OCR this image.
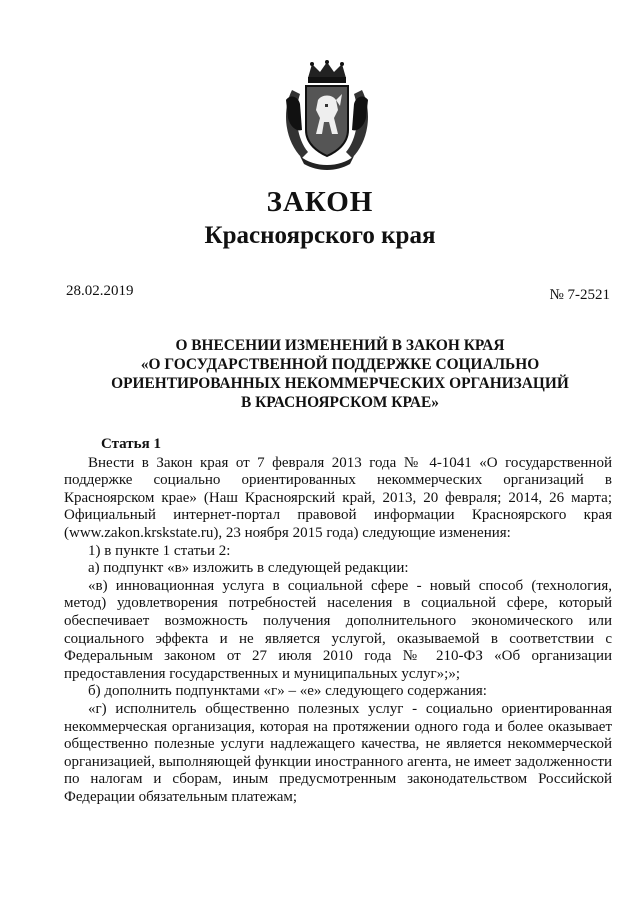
ЗАКОН
Красноярского края
28.02.2019	№ 7-2521
О ВНЕСЕНИИ ИЗМЕНЕНИЙ В ЗАКОН КРАЯ
«О ГОСУДАРСТВЕННОЙ ПОДДЕРЖКЕ СОЦИАЛЬНО
ОРИЕНТИРОВАННЫХ НЕКОММЕРЧЕСКИХ ОРГАНИЗАЦИЙ
В КРАСНОЯРСКОМ КРАЕ»
Статья 1

Внести в Закон края от 7 февраля 2013 года № 4-1041 «О государственной поддержке социально ориентированных некоммерческих организаций в Красноярском крае» (Наш Красноярский край, 2013, 20 февраля; 2014, 26 марта; Официальный интернет-портал правовой информации Красноярского края (www.zakon.krskstate.ru), 23 ноября 2015 года) следующие изменения:

1) в пункте 1 статьи 2:

а) подпункт «в» изложить в следующей редакции:

«в) инновационная услуга в социальной сфере - новый способ (технология, метод) удовлетворения потребностей населения в социальной сфере, который обеспечивает возможность получения дополнительного экономического или социального эффекта и не является услугой, оказываемой в соответствии с Федеральным законом от 27 июля 2010 года № 210-ФЗ «Об организации предоставления государственных и муниципальных услуг»;»;

б) дополнить подпунктами «г» – «е» следующего содержания:

«г) исполнитель общественно полезных услуг - социально ориентированная некоммерческая организация, которая на протяжении одного года и более оказывает общественно полезные услуги надлежащего качества, не является некоммерческой организацией, выполняющей функции иностранного агента, не имеет задолженности по налогам и сборам, иным предусмотренным законодательством Российской Федерации обязательным платежам;
